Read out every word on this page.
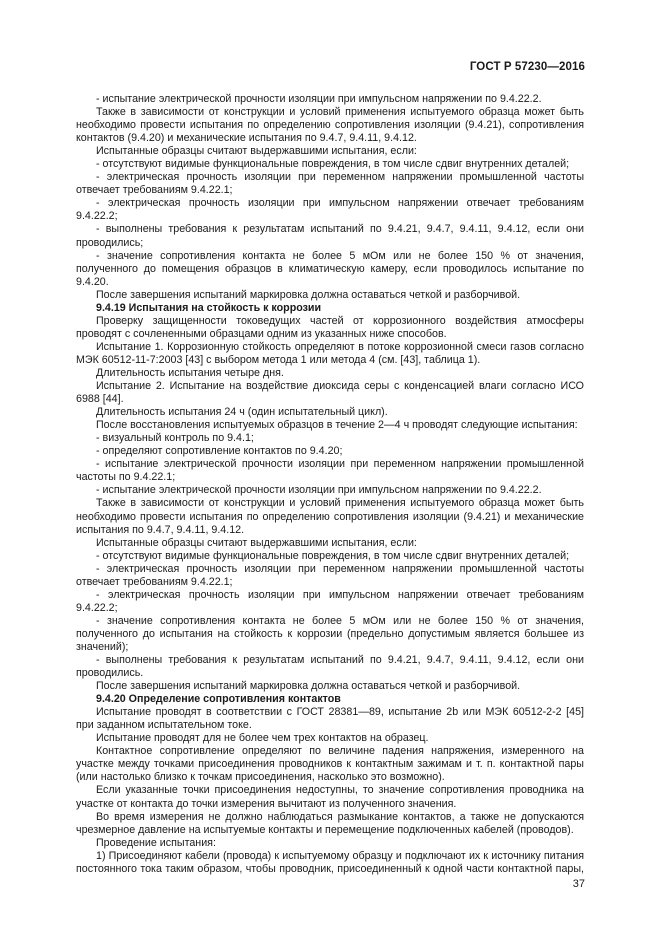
ГОСТ Р 57230—2016

- испытание электрической прочности изоляции при импульсном напряжении по 9.4.22.2.

Также в зависимости от конструкции и условий применения испытуемого образца может быть необходимо провести испытания по определению сопротивления изоляции (9.4.21), сопротивления контактов (9.4.20) и механические испытания по 9.4.7, 9.4.11, 9.4.12.

Испытанные образцы считают выдержавшими испытания, если:

- отсутствуют видимые функциональные повреждения, в том числе сдвиг внутренних деталей;

- электрическая прочность изоляции при переменном напряжении промышленной частоты отвечает требованиям 9.4.22.1;

- электрическая прочность изоляции при импульсном напряжении отвечает требованиям 9.4.22.2;

- выполнены требования к результатам испытаний по 9.4.21, 9.4.7, 9.4.11, 9.4.12, если они проводились;

- значение сопротивления контакта не более 5 мОм или не более 150 % от значения, полученного до помещения образцов в климатическую камеру, если проводилось испытание по 9.4.20.

После завершения испытаний маркировка должна оставаться четкой и разборчивой.

9.4.19 Испытания на стойкость к коррозии

Проверку защищенности токоведущих частей от коррозионного воздействия атмосферы проводят с сочлененными образцами одним из указанных ниже способов.

Испытание 1. Коррозионную стойкость определяют в потоке коррозионной смеси газов согласно МЭК 60512-11-7:2003 [43] с выбором метода 1 или метода 4 (см. [43], таблица 1).

Длительность испытания четыре дня.

Испытание 2. Испытание на воздействие диоксида серы с конденсацией влаги согласно ИСО 6988 [44].

Длительность испытания 24 ч (один испытательный цикл).

После восстановления испытуемых образцов в течение 2—4 ч проводят следующие испытания:

- визуальный контроль по 9.4.1;

- определяют сопротивление контактов по 9.4.20;

- испытание электрической прочности изоляции при переменном напряжении промышленной частоты по 9.4.22.1;

- испытание электрической прочности изоляции при импульсном напряжении по 9.4.22.2.

Также в зависимости от конструкции и условий применения испытуемого образца может быть необходимо провести испытания по определению сопротивления изоляции (9.4.21) и механические испытания по 9.4.7, 9.4.11, 9.4.12.

Испытанные образцы считают выдержавшими испытания, если:

- отсутствуют видимые функциональные повреждения, в том числе сдвиг внутренних деталей;

- электрическая прочность изоляции при переменном напряжении промышленной частоты отвечает требованиям 9.4.22.1;

- электрическая прочность изоляции при импульсном напряжении отвечает требованиям 9.4.22.2;

- значение сопротивления контакта не более 5 мОм или не более 150 % от значения, полученного до испытания на стойкость к коррозии (предельно допустимым является большее из значений);

- выполнены требования к результатам испытаний по 9.4.21, 9.4.7, 9.4.11, 9.4.12, если они проводились.

После завершения испытаний маркировка должна оставаться четкой и разборчивой.

9.4.20 Определение сопротивления контактов

Испытание проводят в соответствии с ГОСТ 28381—89, испытание 2b или МЭК 60512-2-2 [45] при заданном испытательном токе.

Испытание проводят для не более чем трех контактов на образец.

Контактное сопротивление определяют по величине падения напряжения, измеренного на участке между точками присоединения проводников к контактным зажимам и т. п. контактной пары (или настолько близко к точкам присоединения, насколько это возможно).

Если указанные точки присоединения недоступны, то значение сопротивления проводника на участке от контакта до точки измерения вычитают из полученного значения.

Во время измерения не должно наблюдаться размыкание контактов, а также не допускаются чрезмерное давление на испытуемые контакты и перемещение подключенных кабелей (проводов).

Проведение испытания:

1) Присоединяют кабели (провода) к испытуемому образцу и подключают их к источнику питания постоянного тока таким образом, чтобы проводник, присоединенный к одной части контактной пары,

37
